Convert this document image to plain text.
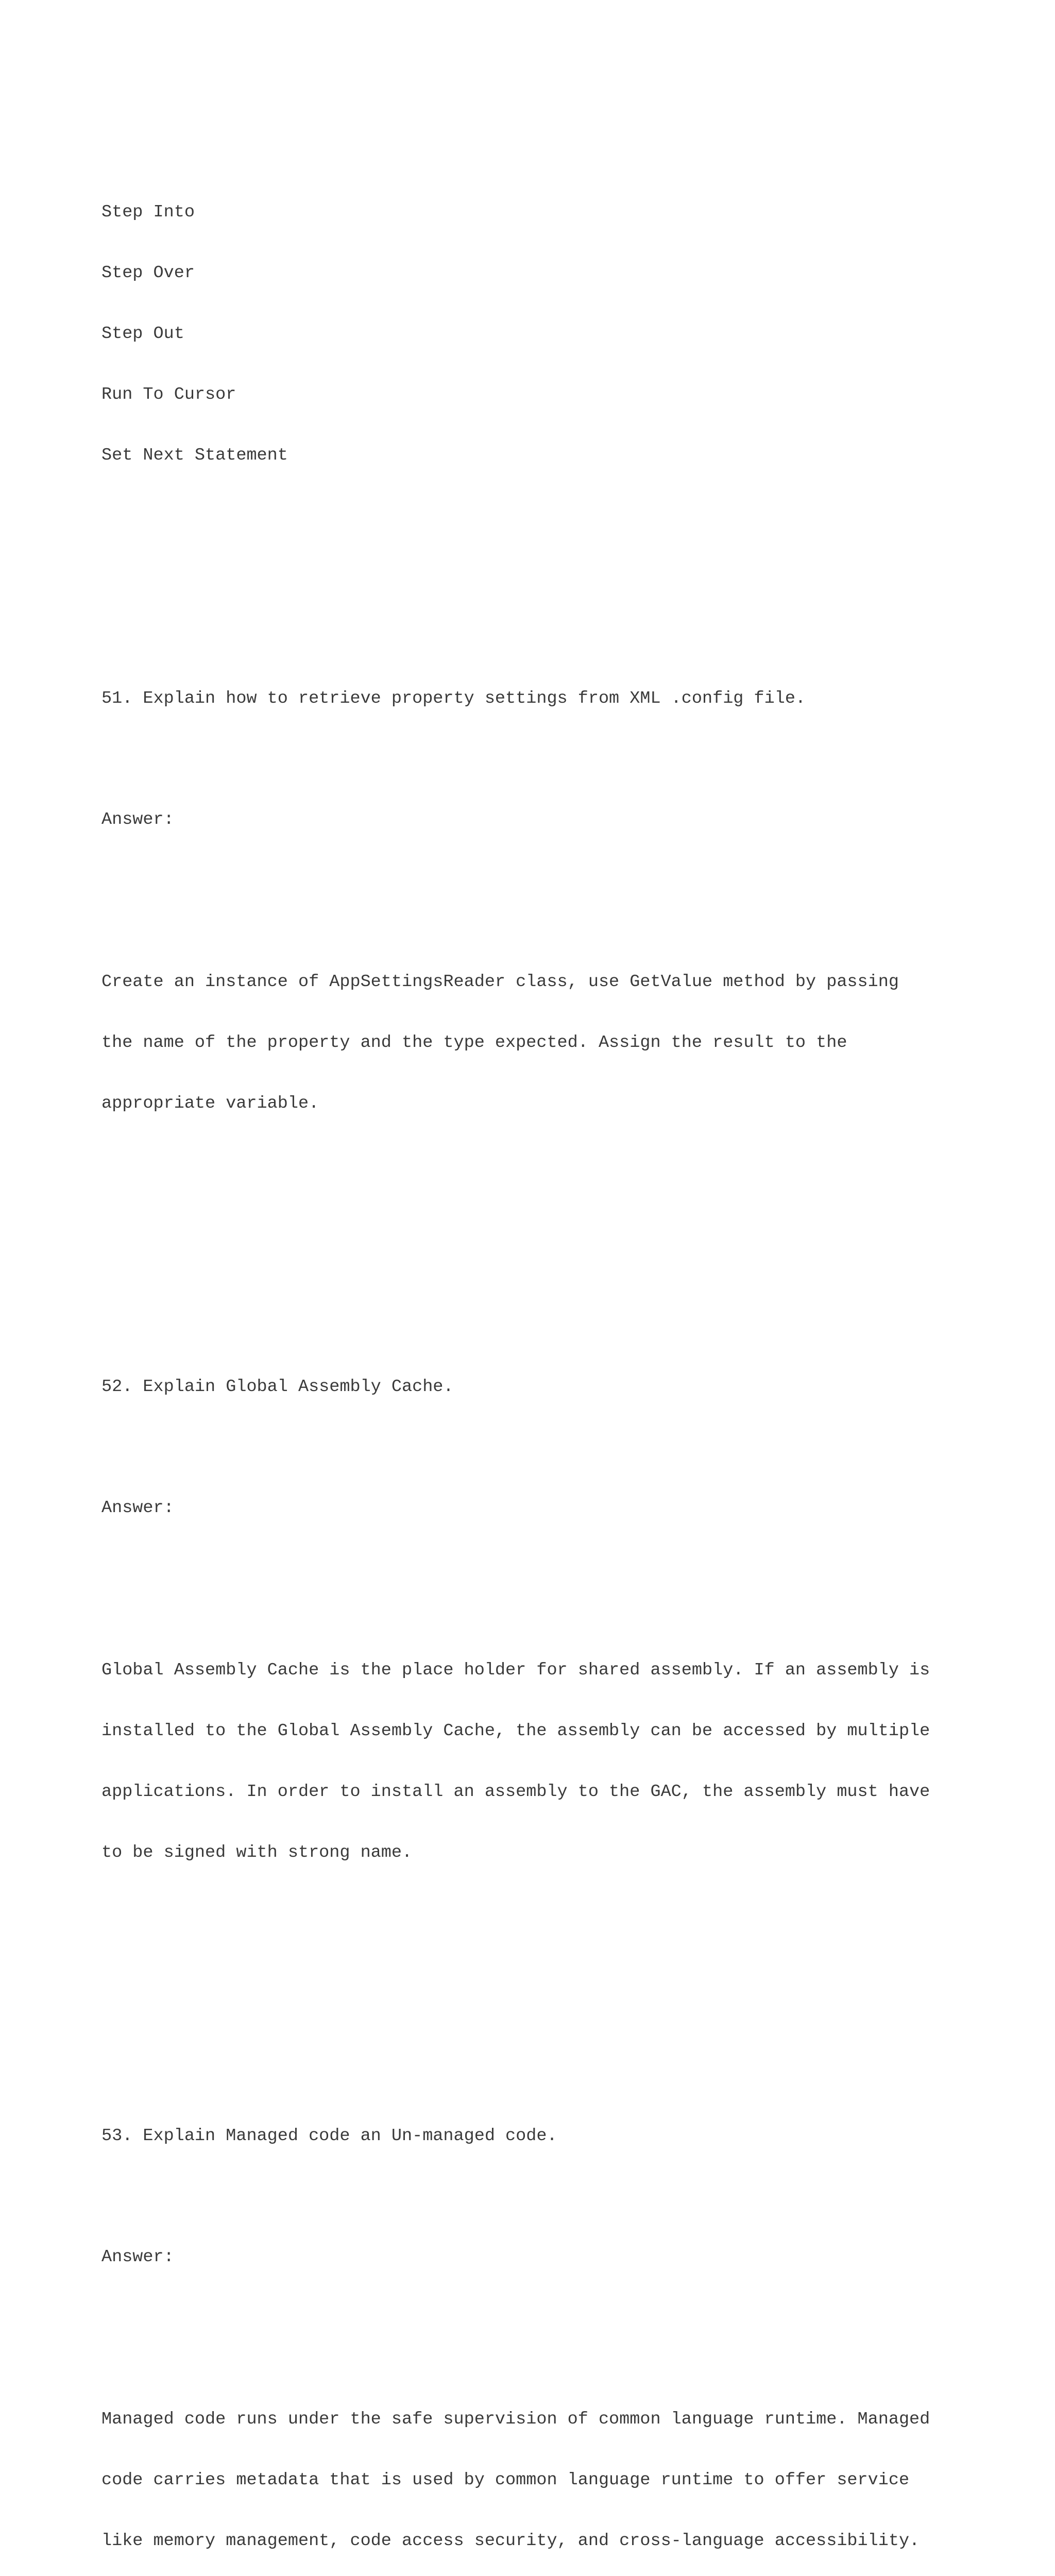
Step Into

Step Over

Step Out

Run To Cursor

Set Next Statement

51. Explain how to retrieve property settings from XML .config file.

Answer:

Create an instance of AppSettingsReader class, use GetValue method by passing

the name of the property and the type expected. Assign the result to the

appropriate variable.

52. Explain Global Assembly Cache.

Answer:

Global Assembly Cache is the place holder for shared assembly. If an assembly is

installed to the Global Assembly Cache, the assembly can be accessed by multiple

applications. In order to install an assembly to the GAC, the assembly must have

to be signed with strong name.

53. Explain Managed code an Un-managed code.

Answer:

Managed code runs under the safe supervision of common language runtime. Managed

code carries metadata that is used by common language runtime to offer service

like memory management, code access security, and cross-language accessibility.
